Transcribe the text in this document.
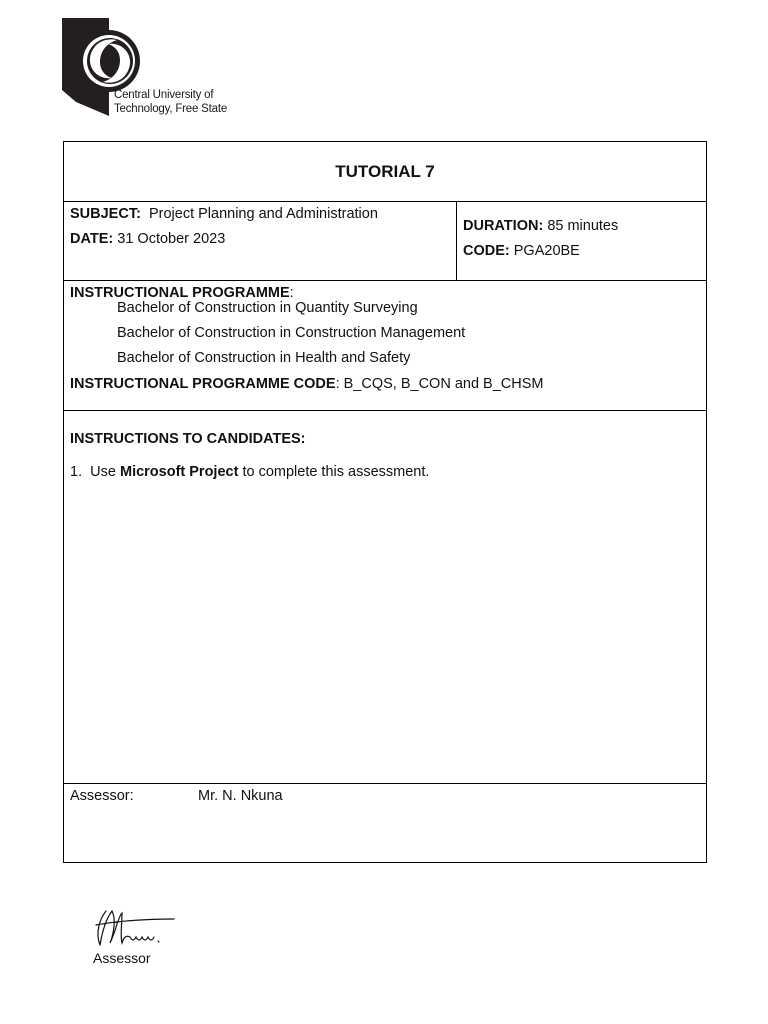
Central University of
Technology, Free State
TUTORIAL 7
SUBJECT: Project Planning and Administration
DATE: 31 October 2023
DURATION: 85 minutes
CODE: PGA20BE
INSTRUCTIONAL PROGRAMME:
Bachelor of Construction in Quantity Surveying
Bachelor of Construction in Construction Management
Bachelor of Construction in Health and Safety
INSTRUCTIONAL PROGRAMME CODE: B_CQS, B_CON and B_CHSM
INSTRUCTIONS TO CANDIDATES:
1. Use Microsoft Project to complete this assessment.
Assessor:	Mr. N. Nkuna
Assessor
